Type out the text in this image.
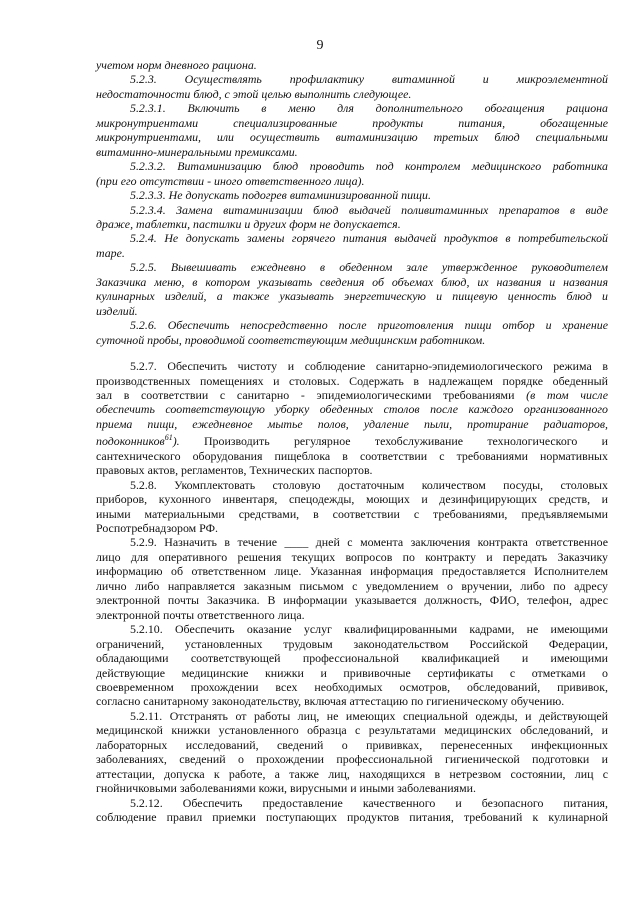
9
учетом норм дневного рациона.
5.2.3. Осуществлять профилактику витаминной и микроэлементной
недостаточности блюд, с этой целью выполнить следующее.
5.2.3.1. Включить в меню для дополнительного обогащения рациона
микронутриентами специализированные продукты питания, обогащенные
микронутриентами, или осуществить витаминизацию третьих блюд специальными
витаминно-минеральными премиксами.
5.2.3.2. Витаминизацию блюд проводить под контролем медицинского работника
(при его отсутствии - иного ответственного лица).
5.2.3.3. Не допускать подогрев витаминизированной пищи.
5.2.3.4. Замена витаминизации блюд выдачей поливитаминных препаратов в виде
драже, таблетки, пастилки и других форм не допускается.
5.2.4. Не допускать замены горячего питания выдачей продуктов в потребительской
таре.
5.2.5. Вывешивать ежедневно в обеденном зале утвержденное руководителем
Заказчика меню, в котором указывать сведения об объемах блюд, их названия и названия
кулинарных изделий, а также указывать энергетическую и пищевую ценность блюд и
изделий.
5.2.6. Обеспечить непосредственно после приготовления пищи отбор и хранение
суточной пробы, проводимой соответствующим медицинским работником.
5.2.7. Обеспечить чистоту и соблюдение санитарно-эпидемиологического режима в
производственных помещениях и столовых. Содержать в надлежащем порядке обеденный
зал в соответствии с санитарно - эпидемиологическими требованиями (в том числе
обеспечить соответствующую уборку обеденных столов после каждого организованного
приема пищи, ежедневное мытье полов, удаление пыли, протирание радиаторов,
подоконников$^{61}$). Производить регулярное техобслуживание технологического и
сантехнического оборудования пищеблока в соответствии с требованиями нормативных
правовых актов, регламентов, Технических паспортов.
5.2.8. Укомплектовать столовую достаточным количеством посуды, столовых
приборов, кухонного инвентаря, спецодежды, моющих и дезинфицирующих средств, и
иными материальными средствами, в соответствии с требованиями, предъявляемыми
Роспотребнадзором РФ.
5.2.9. Назначить в течение ____ дней с момента заключения контракта ответственное
лицо для оперативного решения текущих вопросов по контракту и передать Заказчику
информацию об ответственном лице. Указанная информация предоставляется Исполнителем
лично либо направляется заказным письмом с уведомлением о вручении, либо по адресу
электронной почты Заказчика. В информации указывается должность, ФИО, телефон, адрес
электронной почты ответственного лица.
5.2.10. Обеспечить оказание услуг квалифицированными кадрами, не имеющими
ограничений, установленных трудовым законодательством Российской Федерации,
обладающими соответствующей профессиональной квалификацией и имеющими
действующие медицинские книжки и прививочные сертификаты с отметками о
своевременном прохождении всех необходимых осмотров, обследований, прививок,
согласно санитарному законодательству, включая аттестацию по гигиеническому обучению.
5.2.11. Отстранять от работы лиц, не имеющих специальной одежды, и действующей
медицинской книжки установленного образца с результатами медицинских обследований, и
лабораторных исследований, сведений о прививках, перенесенных инфекционных
заболеваниях, сведений о прохождении профессиональной гигиенической подготовки и
аттестации, допуска к работе, а также лиц, находящихся в нетрезвом состоянии, лиц с
гнойничковыми заболеваниями кожи, вирусными и иными заболеваниями.
5.2.12. Обеспечить предоставление качественного и безопасного питания,
соблюдение правил приемки поступающих продуктов питания, требований к кулинарной
